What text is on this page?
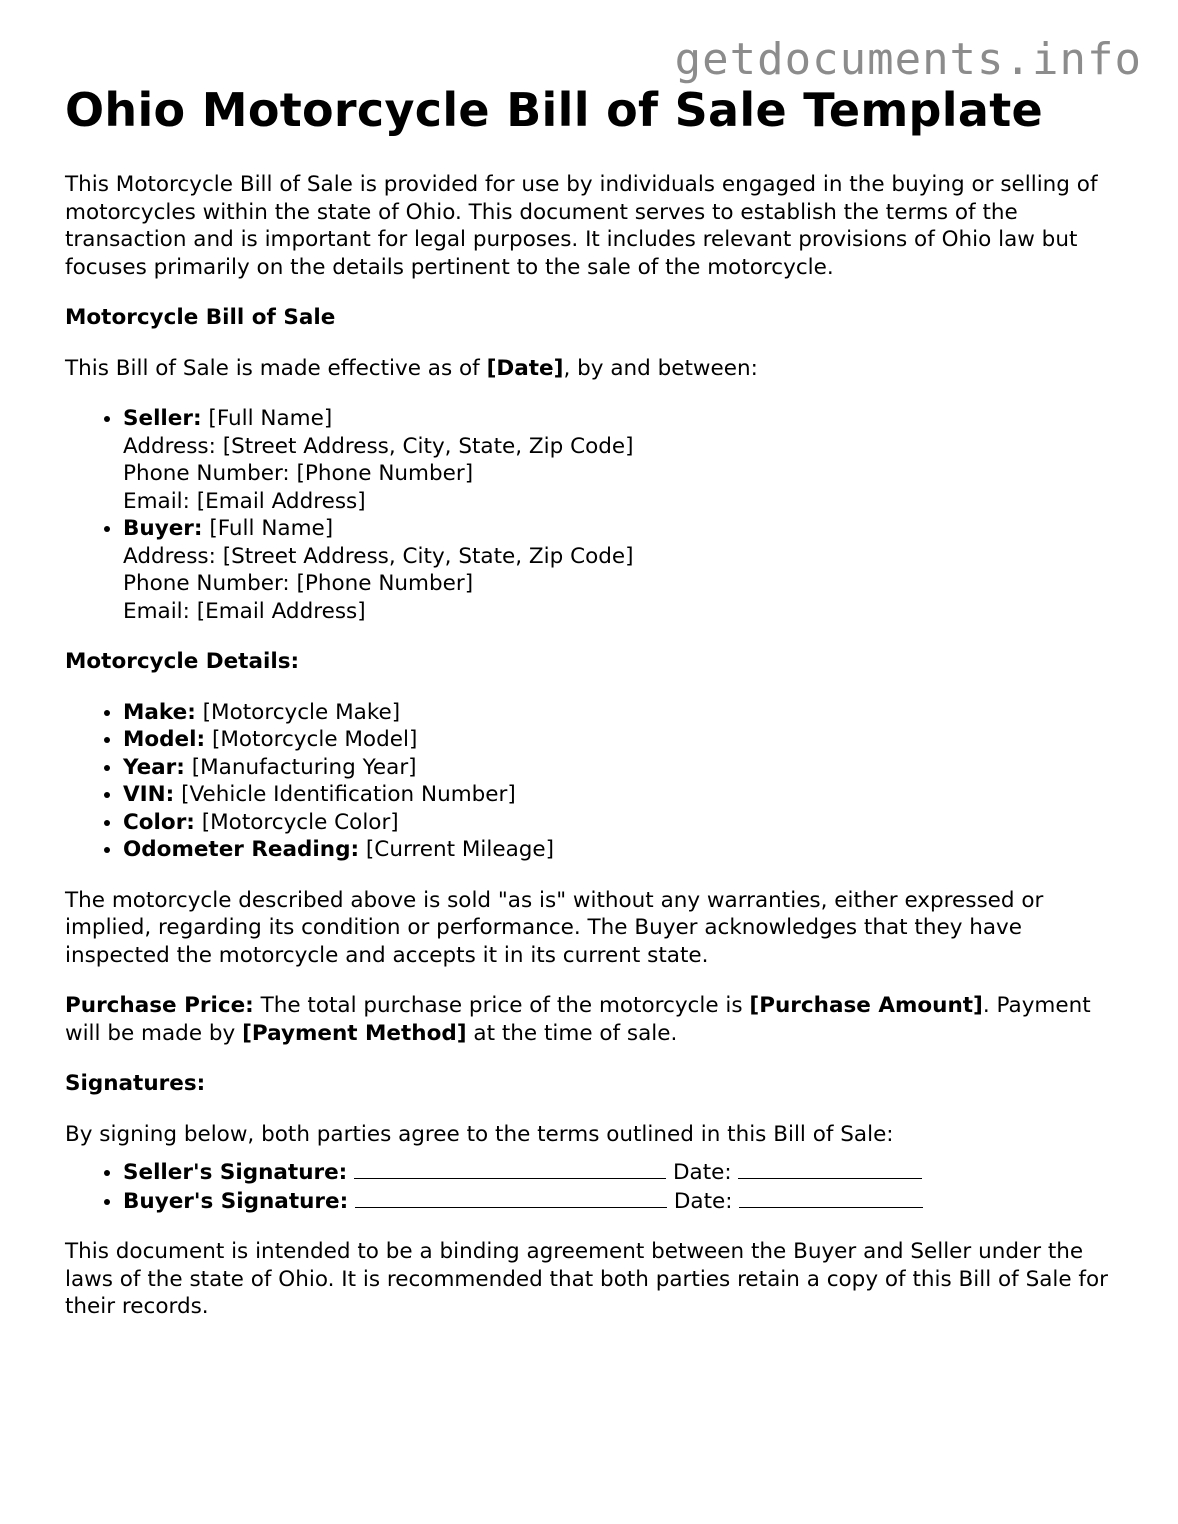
getdocuments.info
Ohio Motorcycle Bill of Sale Template

This Motorcycle Bill of Sale is provided for use by individuals engaged in the buying or selling of motorcycles within the state of Ohio. This document serves to establish the terms of the transaction and is important for legal purposes. It includes relevant provisions of Ohio law but focuses primarily on the details pertinent to the sale of the motorcycle.

Motorcycle Bill of Sale

This Bill of Sale is made effective as of [Date], by and between:

• Seller: [Full Name]
Address: [Street Address, City, State, Zip Code]
Phone Number: [Phone Number]
Email: [Email Address]
• Buyer: [Full Name]
Address: [Street Address, City, State, Zip Code]
Phone Number: [Phone Number]
Email: [Email Address]

Motorcycle Details:

• Make: [Motorcycle Make]
• Model: [Motorcycle Model]
• Year: [Manufacturing Year]
• VIN: [Vehicle Identification Number]
• Color: [Motorcycle Color]
• Odometer Reading: [Current Mileage]

The motorcycle described above is sold "as is" without any warranties, either expressed or implied, regarding its condition or performance. The Buyer acknowledges that they have inspected the motorcycle and accepts it in its current state.

Purchase Price: The total purchase price of the motorcycle is [Purchase Amount]. Payment will be made by [Payment Method] at the time of sale.

Signatures:

By signing below, both parties agree to the terms outlined in this Bill of Sale:

• Seller's Signature:	Date:
• Buyer's Signature:	Date:

This document is intended to be a binding agreement between the Buyer and Seller under the laws of the state of Ohio. It is recommended that both parties retain a copy of this Bill of Sale for their records.
